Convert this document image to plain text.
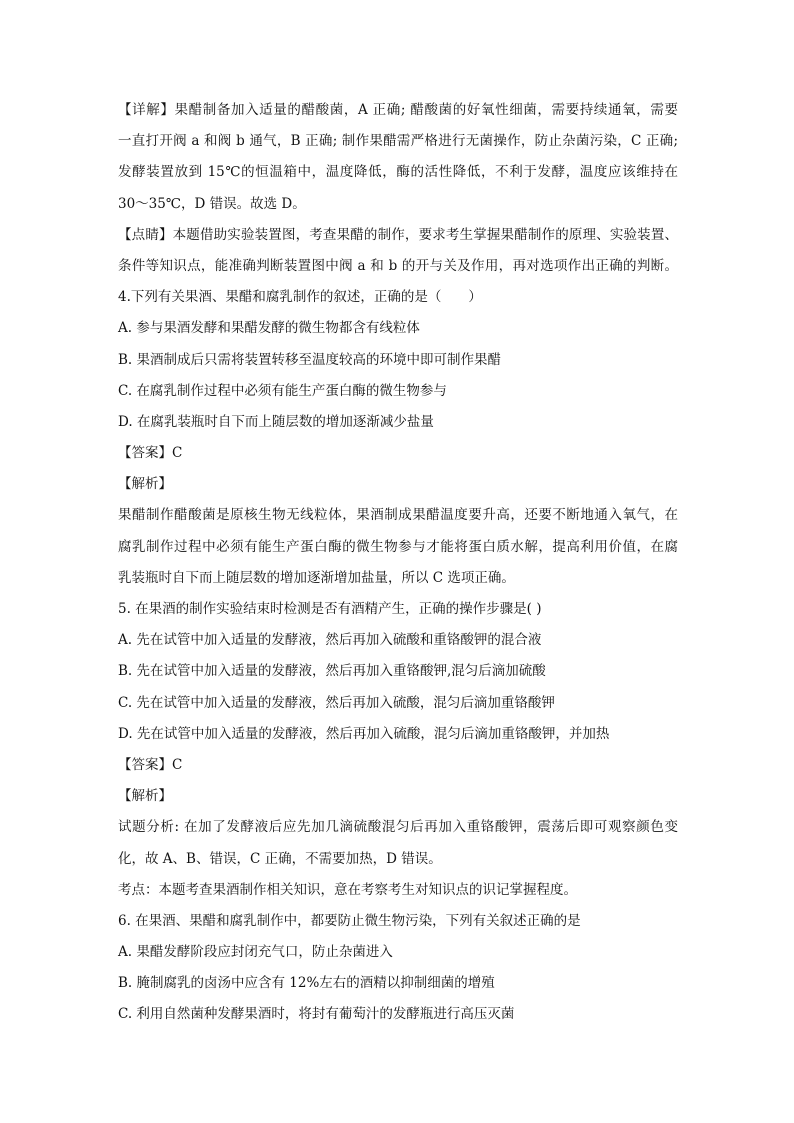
【详解】果醋制备加入适量的醋酸菌，A 正确; 醋酸菌的好氧性细菌，需要持续通氧，需要
一直打开阀 a 和阀 b 通气，B 正确; 制作果醋需严格进行无菌操作，防止杂菌污染，C 正确;
发酵装置放到 15℃的恒温箱中，温度降低，酶的活性降低，不利于发酵，温度应该维持在
30～35℃，D 错误。故选 D。
【点睛】本题借助实验装置图，考查果醋的制作，要求考生掌握果醋制作的原理、实验装置、
条件等知识点，能准确判断装置图中阀 a 和 b 的开与关及作用，再对选项作出正确的判断。
4.下列有关果酒、果醋和腐乳制作的叙述，正确的是（　　）
A. 参与果酒发酵和果醋发酵的微生物都含有线粒体
B. 果酒制成后只需将装置转移至温度较高的环境中即可制作果醋
C. 在腐乳制作过程中必须有能生产蛋白酶的微生物参与
D. 在腐乳装瓶时自下而上随层数的增加逐渐减少盐量
【答案】C
【解析】
果醋制作醋酸菌是原核生物无线粒体，果酒制成果醋温度要升高，还要不断地通入氧气，在
腐乳制作过程中必须有能生产蛋白酶的微生物参与才能将蛋白质水解，提高利用价值，在腐
乳装瓶时自下而上随层数的增加逐渐增加盐量，所以 C 选项正确。
5. 在果酒的制作实验结束时检测是否有酒精产生，正确的操作步骤是( )
A. 先在试管中加入适量的发酵液，然后再加入硫酸和重铬酸钾的混合液
B. 先在试管中加入适量的发酵液，然后再加入重铬酸钾,混匀后滴加硫酸
C. 先在试管中加入适量的发酵液，然后再加入硫酸，混匀后滴加重铬酸钾
D. 先在试管中加入适量的发酵液，然后再加入硫酸，混匀后滴加重铬酸钾，并加热
【答案】C
【解析】
试题分析: 在加了发酵液后应先加几滴硫酸混匀后再加入重铬酸钾，震荡后即可观察颜色变
化，故 A、B、错误，C 正确，不需要加热，D 错误。
考点：本题考查果酒制作相关知识，意在考察考生对知识点的识记掌握程度。
6. 在果酒、果醋和腐乳制作中，都要防止微生物污染，下列有关叙述正确的是
A. 果醋发酵阶段应封闭充气口，防止杂菌进入
B. 腌制腐乳的卤汤中应含有 12%左右的酒精以抑制细菌的增殖
C. 利用自然菌种发酵果酒时，将封有葡萄汁的发酵瓶进行高压灭菌
